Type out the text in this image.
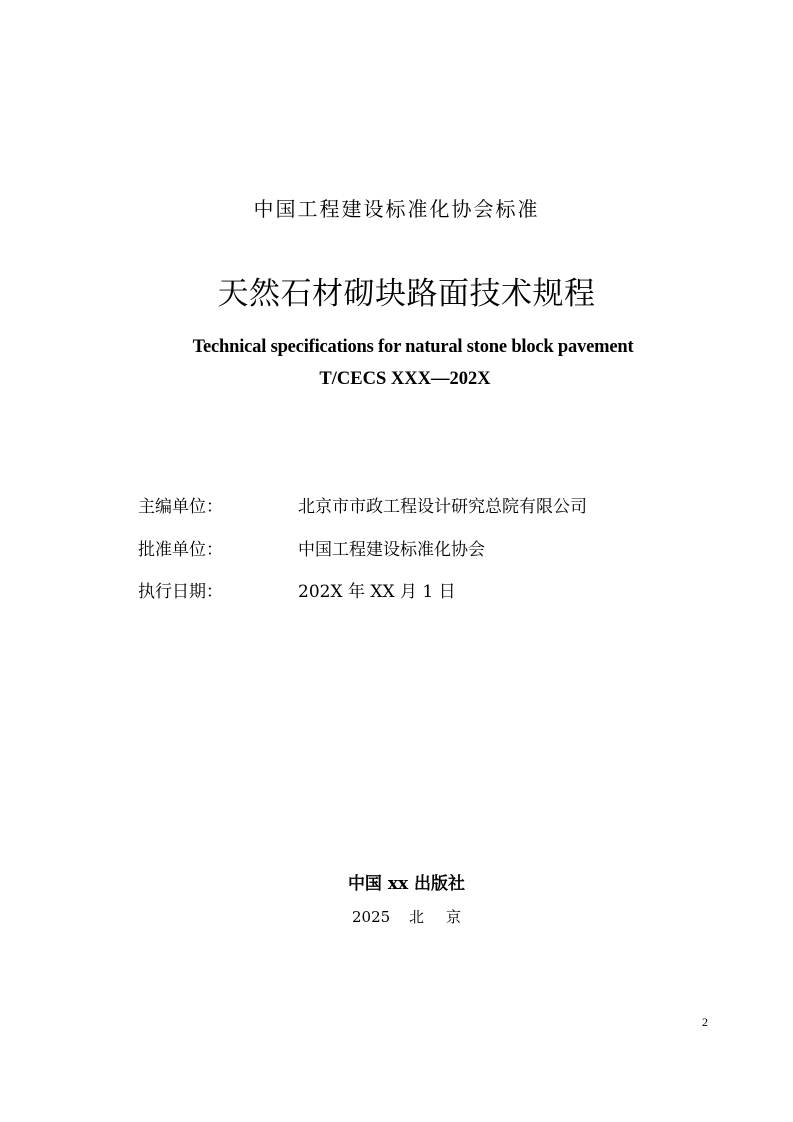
中国工程建设标准化协会标准
天然石材砌块路面技术规程
Technical specifications for natural stone block pavement
T/CECS XXX—202X
主编单位：	北京市市政工程设计研究总院有限公司
批准单位：	中国工程建设标准化协会
执行日期：	202X 年 XX 月 1 日
中国 xx 出版社
2025 北京
2
